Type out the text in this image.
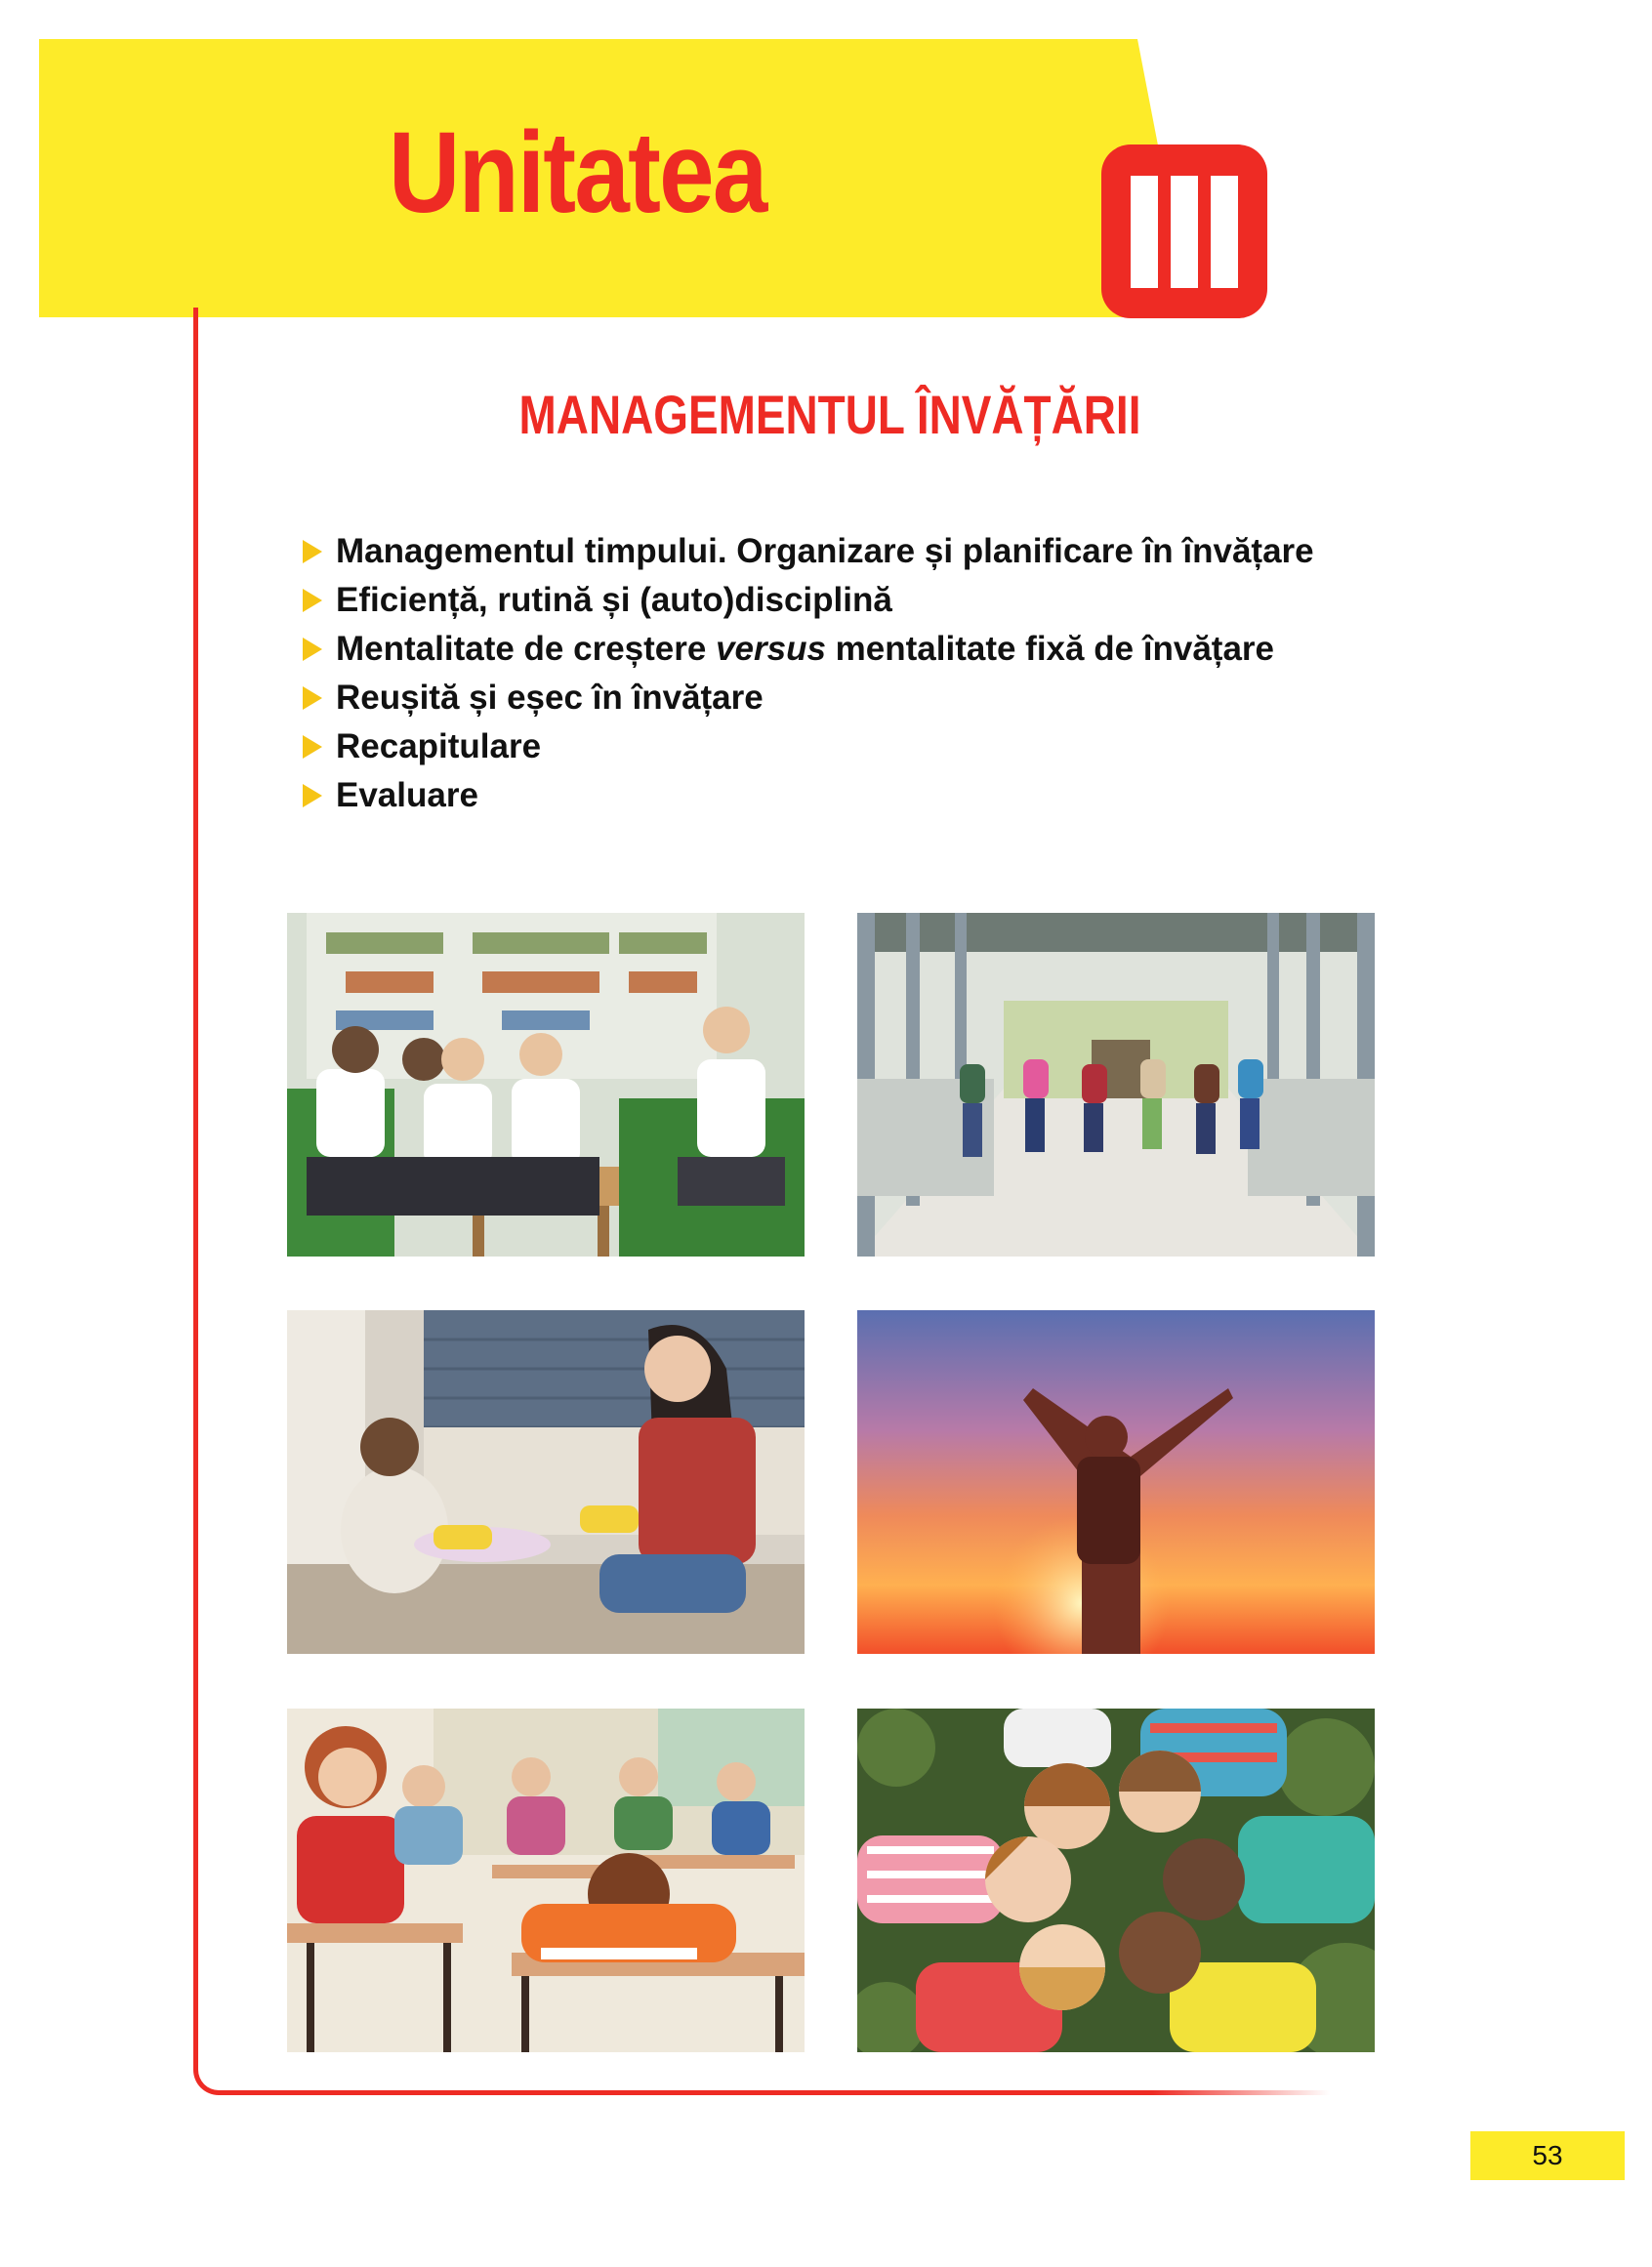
Unitatea
MANAGEMENTUL ÎNVĂȚĂRII
Managementul timpului. Organizare și planificare în învățare
Eficiență, rutină și (auto)disciplină
Mentalitate de creștere
versus
mentalitate fixă de învățare
Reușită și eșec în învățare
Recapitulare
Evaluare
53
